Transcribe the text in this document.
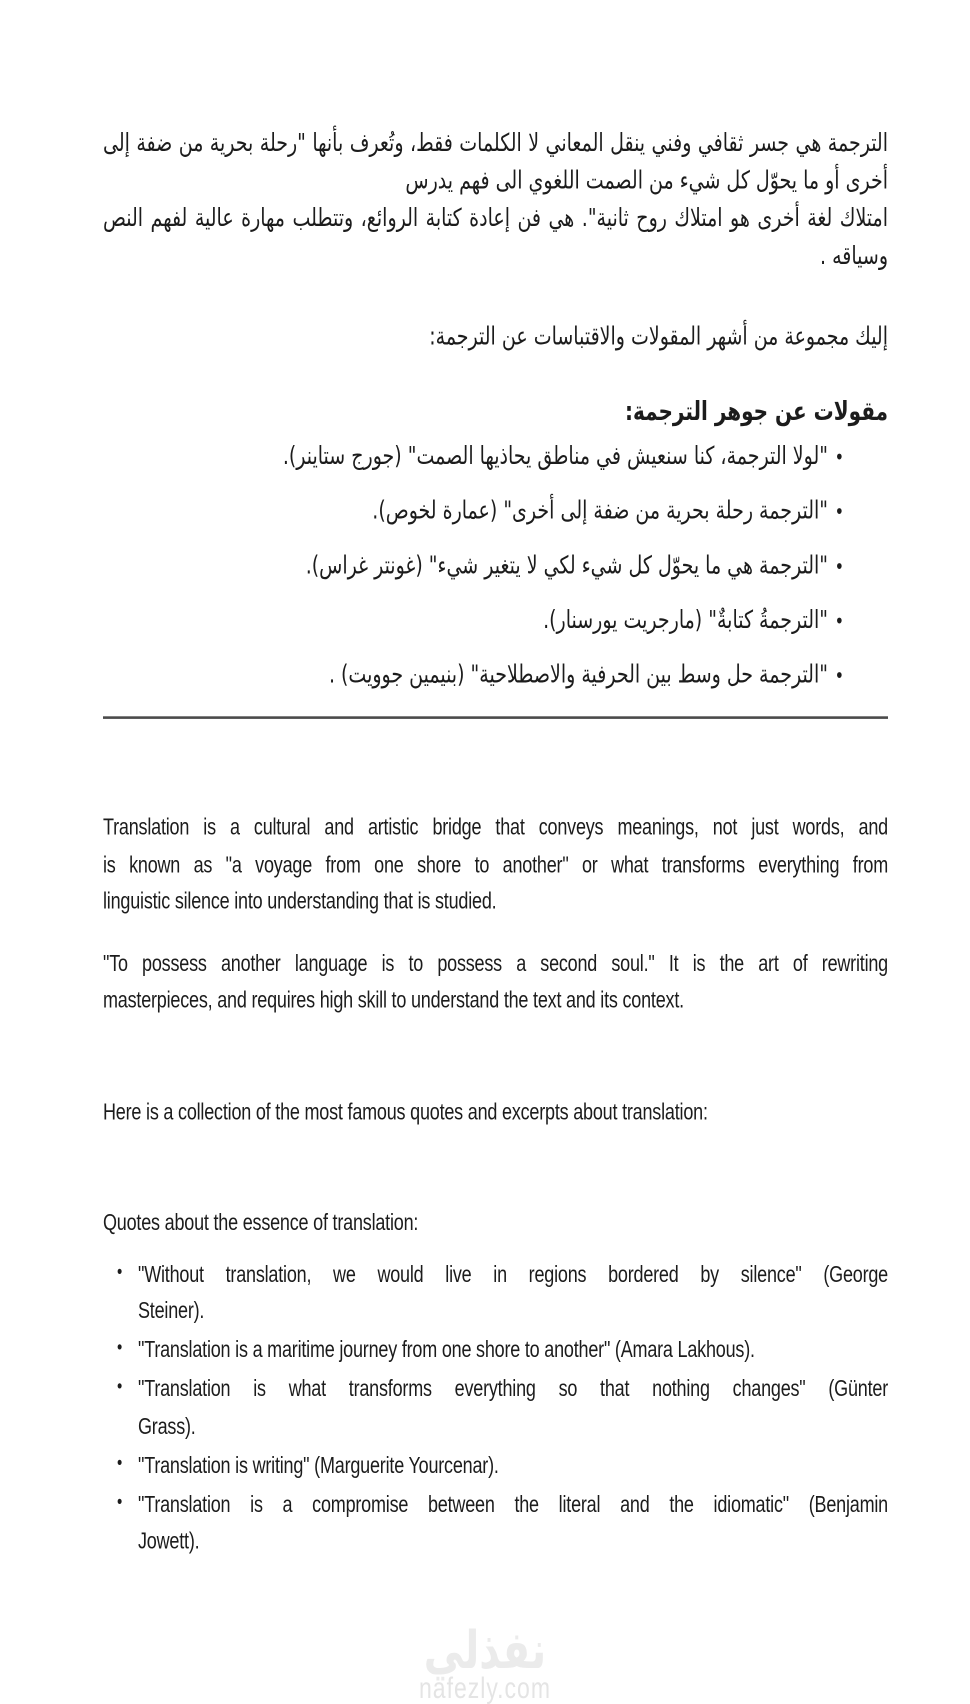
الترجمة هي جسر ثقافي وفني ينقل المعاني لا الكلمات فقط، وتُعرف بأنها "رحلة بحرية من ضفة إلى
أخرى أو ما يحوّل كل شيء من الصمت اللغوي الى فهم يدرس
امتلاك لغة أخرى هو امتلاك روح ثانية". هي فن إعادة كتابة الروائع، وتتطلب مهارة عالية لفهم النص
وسياقه .
إليك مجموعة من أشهر المقولات والاقتباسات عن الترجمة:
مقولات عن جوهر الترجمة:
• "لولا الترجمة، كنا سنعيش في مناطق يحاذيها الصمت" (جورج ستاينر).
• "الترجمة رحلة بحرية من ضفة إلى أخرى" (عمارة لخوص).
• "الترجمة هي ما يحوّل كل شيء لكي لا يتغير شيء" (غونتر غراس).
• "الترجمةُ كتابةٌ" (مارجريت يورسنار).
• "الترجمة حل وسط بين الحرفية والاصطلاحية" (بنيمين جوويت) .
Translation is a cultural and artistic bridge that conveys meanings, not just words, and
is known as "a voyage from one shore to another" or what transforms everything from
linguistic silence into understanding that is studied.
"To possess another language is to possess a second soul." It is the art of rewriting
masterpieces, and requires high skill to understand the text and its context.
Here is a collection of the most famous quotes and excerpts about translation:
Quotes about the essence of translation:
• "Without translation, we would live in regions bordered by silence" (George
Steiner).
• "Translation is a maritime journey from one shore to another" (Amara Lakhous).
• "Translation is what transforms everything so that nothing changes" (Günter
Grass).
• "Translation is writing" (Marguerite Yourcenar).
• "Translation is a compromise between the literal and the idiomatic" (Benjamin
Jowett).
نفذلي
nafezly.com
